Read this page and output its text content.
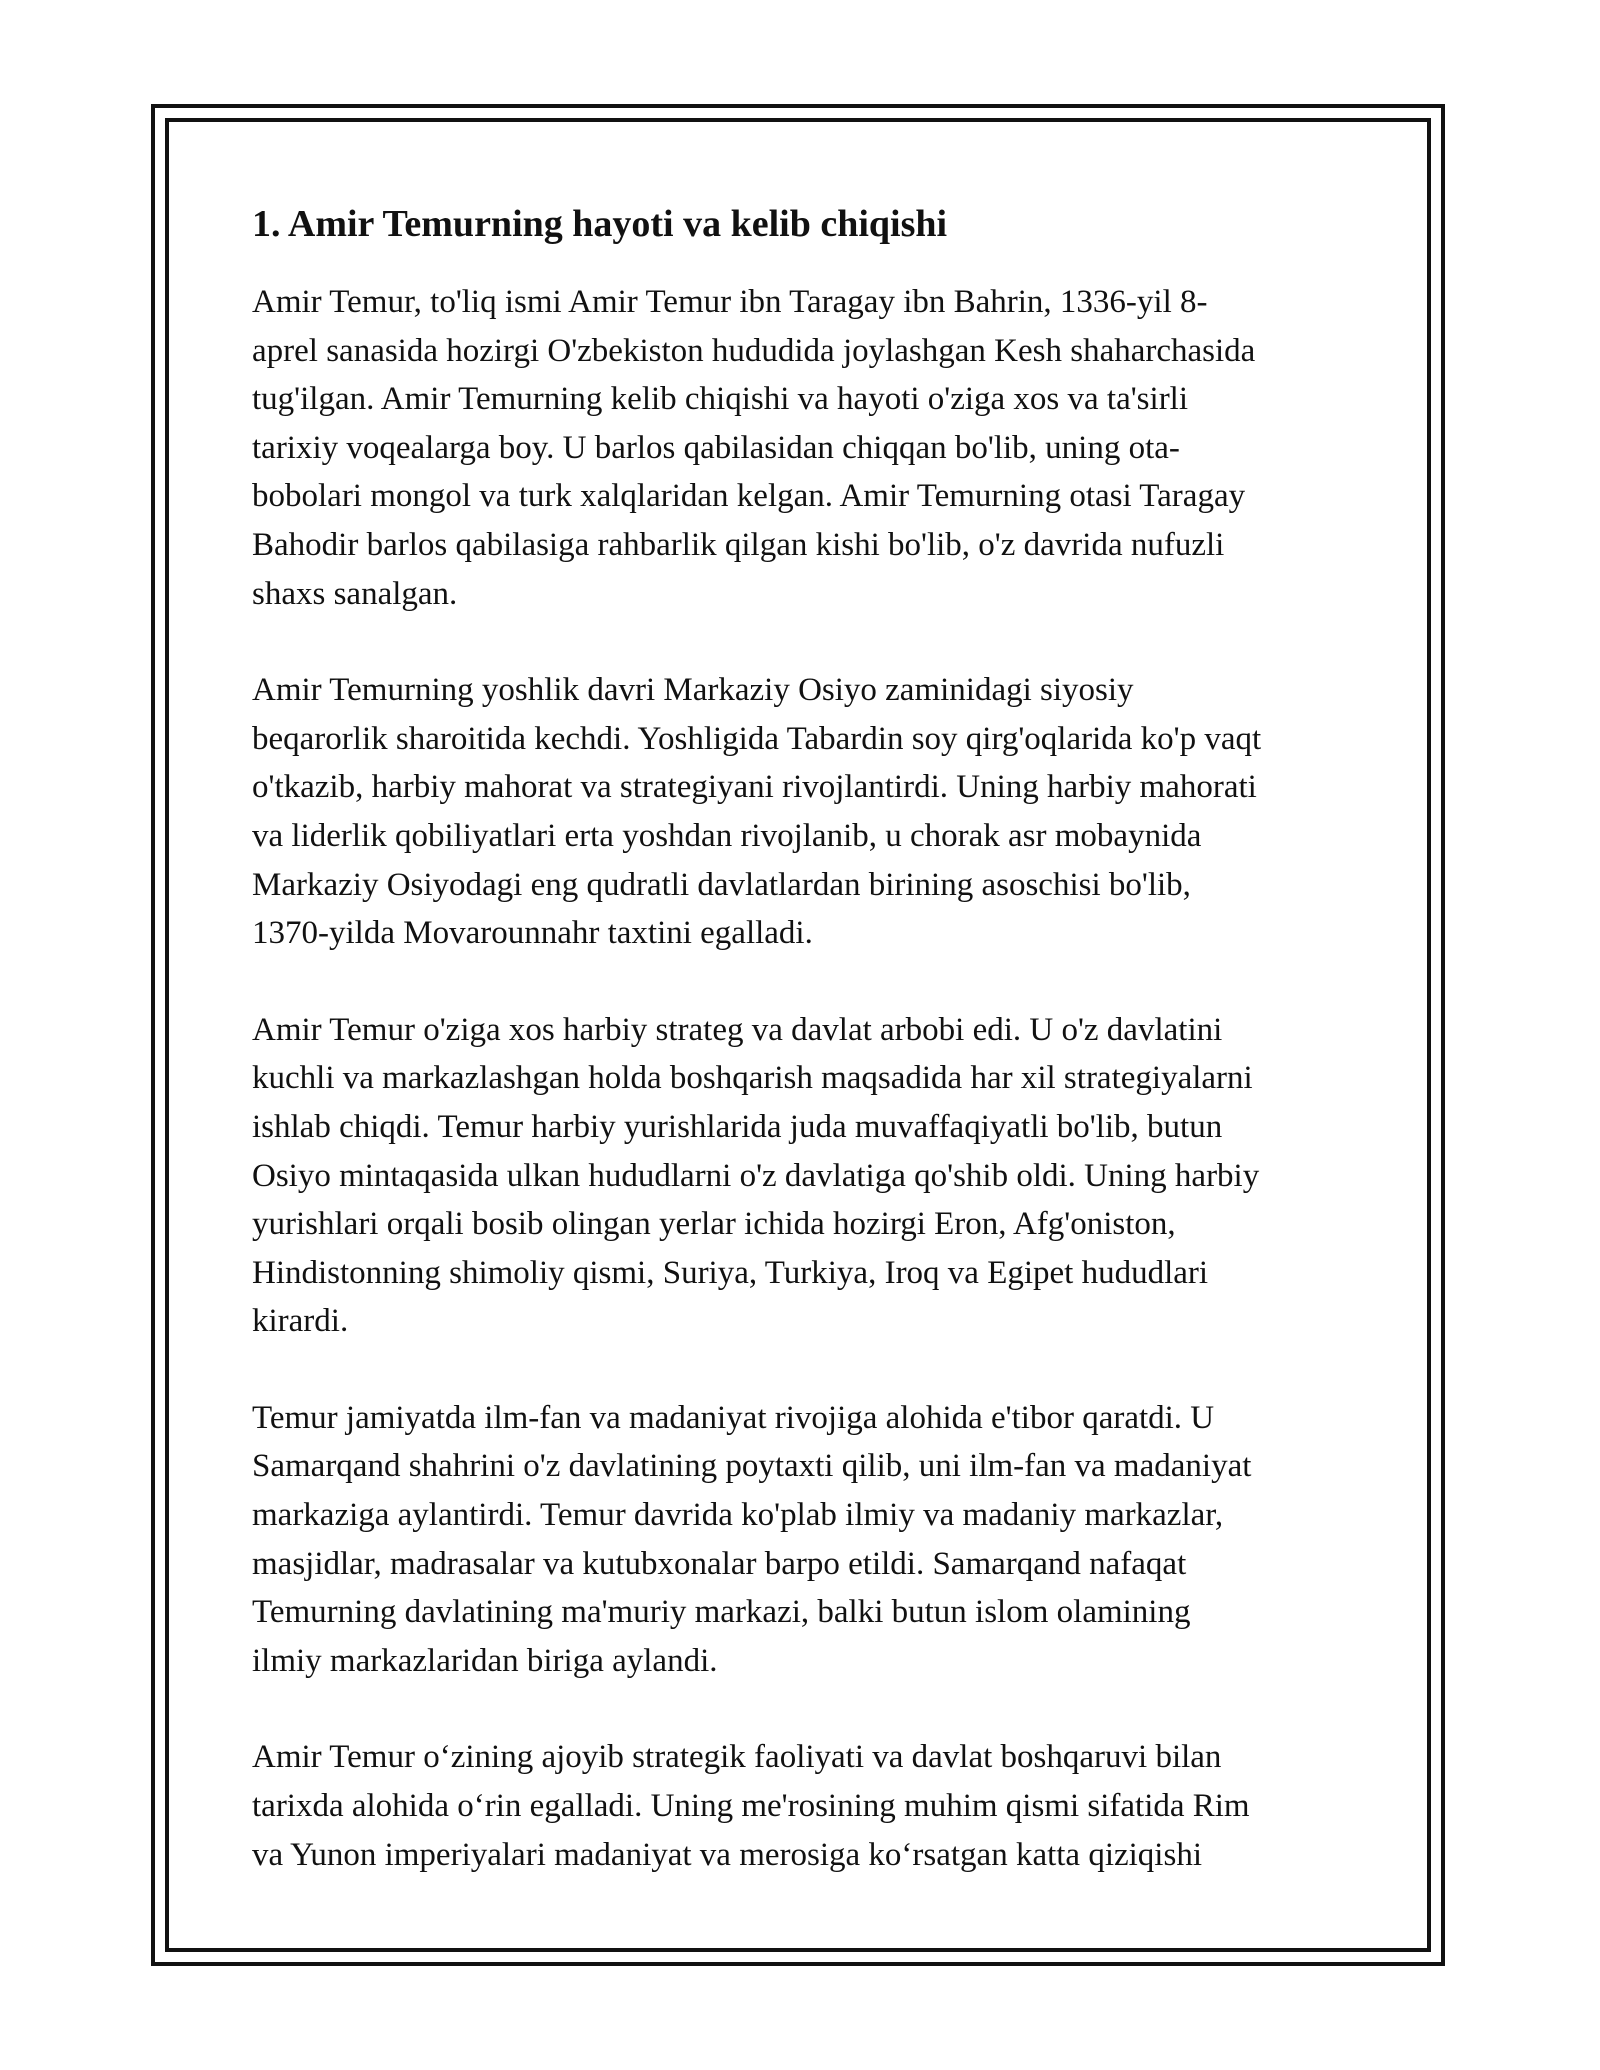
1. Amir Temurning hayoti va kelib chiqishi

Amir Temur, to'liq ismi Amir Temur ibn Taragay ibn Bahrin, 1336-yil 8-
aprel sanasida hozirgi O'zbekiston hududida joylashgan Kesh shaharchasida
tug'ilgan. Amir Temurning kelib chiqishi va hayoti o'ziga xos va ta'sirli
tarixiy voqealarga boy. U barlos qabilasidan chiqqan bo'lib, uning ota-
bobolari mongol va turk xalqlaridan kelgan. Amir Temurning otasi Taragay
Bahodir barlos qabilasiga rahbarlik qilgan kishi bo'lib, o'z davrida nufuzli
shaxs sanalgan.

Amir Temurning yoshlik davri Markaziy Osiyo zaminidagi siyosiy
beqarorlik sharoitida kechdi. Yoshligida Tabardin soy qirg'oqlarida ko'p vaqt
o'tkazib, harbiy mahorat va strategiyani rivojlantirdi. Uning harbiy mahorati
va liderlik qobiliyatlari erta yoshdan rivojlanib, u chorak asr mobaynida
Markaziy Osiyodagi eng qudratli davlatlardan birining asoschisi bo'lib,
1370-yilda Movarounnahr taxtini egalladi.

Amir Temur o'ziga xos harbiy strateg va davlat arbobi edi. U o'z davlatini
kuchli va markazlashgan holda boshqarish maqsadida har xil strategiyalarni
ishlab chiqdi. Temur harbiy yurishlarida juda muvaffaqiyatli bo'lib, butun
Osiyo mintaqasida ulkan hududlarni o'z davlatiga qo'shib oldi. Uning harbiy
yurishlari orqali bosib olingan yerlar ichida hozirgi Eron, Afg'oniston,
Hindistonning shimoliy qismi, Suriya, Turkiya, Iroq va Egipet hududlari
kirardi.

Temur jamiyatda ilm-fan va madaniyat rivojiga alohida e'tibor qaratdi. U
Samarqand shahrini o'z davlatining poytaxti qilib, uni ilm-fan va madaniyat
markaziga aylantirdi. Temur davrida ko'plab ilmiy va madaniy markazlar,
masjidlar, madrasalar va kutubxonalar barpo etildi. Samarqand nafaqat
Temurning davlatining ma'muriy markazi, balki butun islom olamining
ilmiy markazlaridan biriga aylandi.

Amir Temur o‘zining ajoyib strategik faoliyati va davlat boshqaruvi bilan
tarixda alohida o‘rin egalladi. Uning me'rosining muhim qismi sifatida Rim
va Yunon imperiyalari madaniyat va merosiga ko‘rsatgan katta qiziqishi
